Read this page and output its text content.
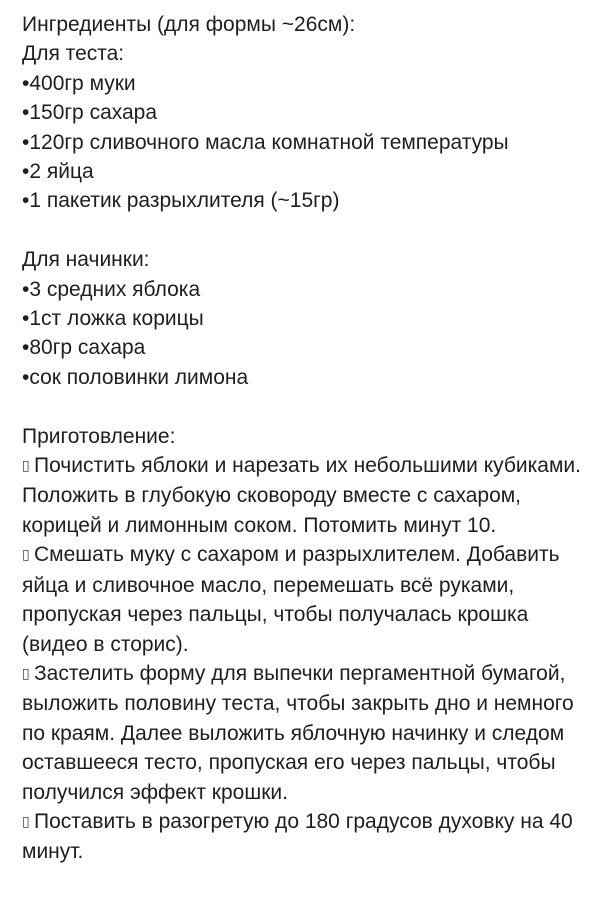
Ингредиенты (для формы ~26см):
Для теста:
•400гр муки
•150гр сахара
•120гр сливочного масла комнатной температуры
•2 яйца
•1 пакетик разрыхлителя (~15гр)
Для начинки:
•3 средних яблока
•1ст ложка корицы
•80гр сахара
•сок половинки лимона
Приготовление:
▯ Почистить яблоки и нарезать их небольшими кубиками. Положить в глубокую сковороду вместе с сахаром, корицей и лимонным соком. Потомить минут 10.
▯ Смешать муку с сахаром и разрыхлителем. Добавить яйца и сливочное масло, перемешать всё руками, пропуская через пальцы, чтобы получалась крошка (видео в сторис).
▯ Застелить форму для выпечки пергаментной бумагой, выложить половину теста, чтобы закрыть дно и немного по краям. Далее выложить яблочную начинку и следом оставшееся тесто, пропуская его через пальцы, чтобы получился эффект крошки.
▯ Поставить в разогретую до 180 градусов духовку на 40 минут.
